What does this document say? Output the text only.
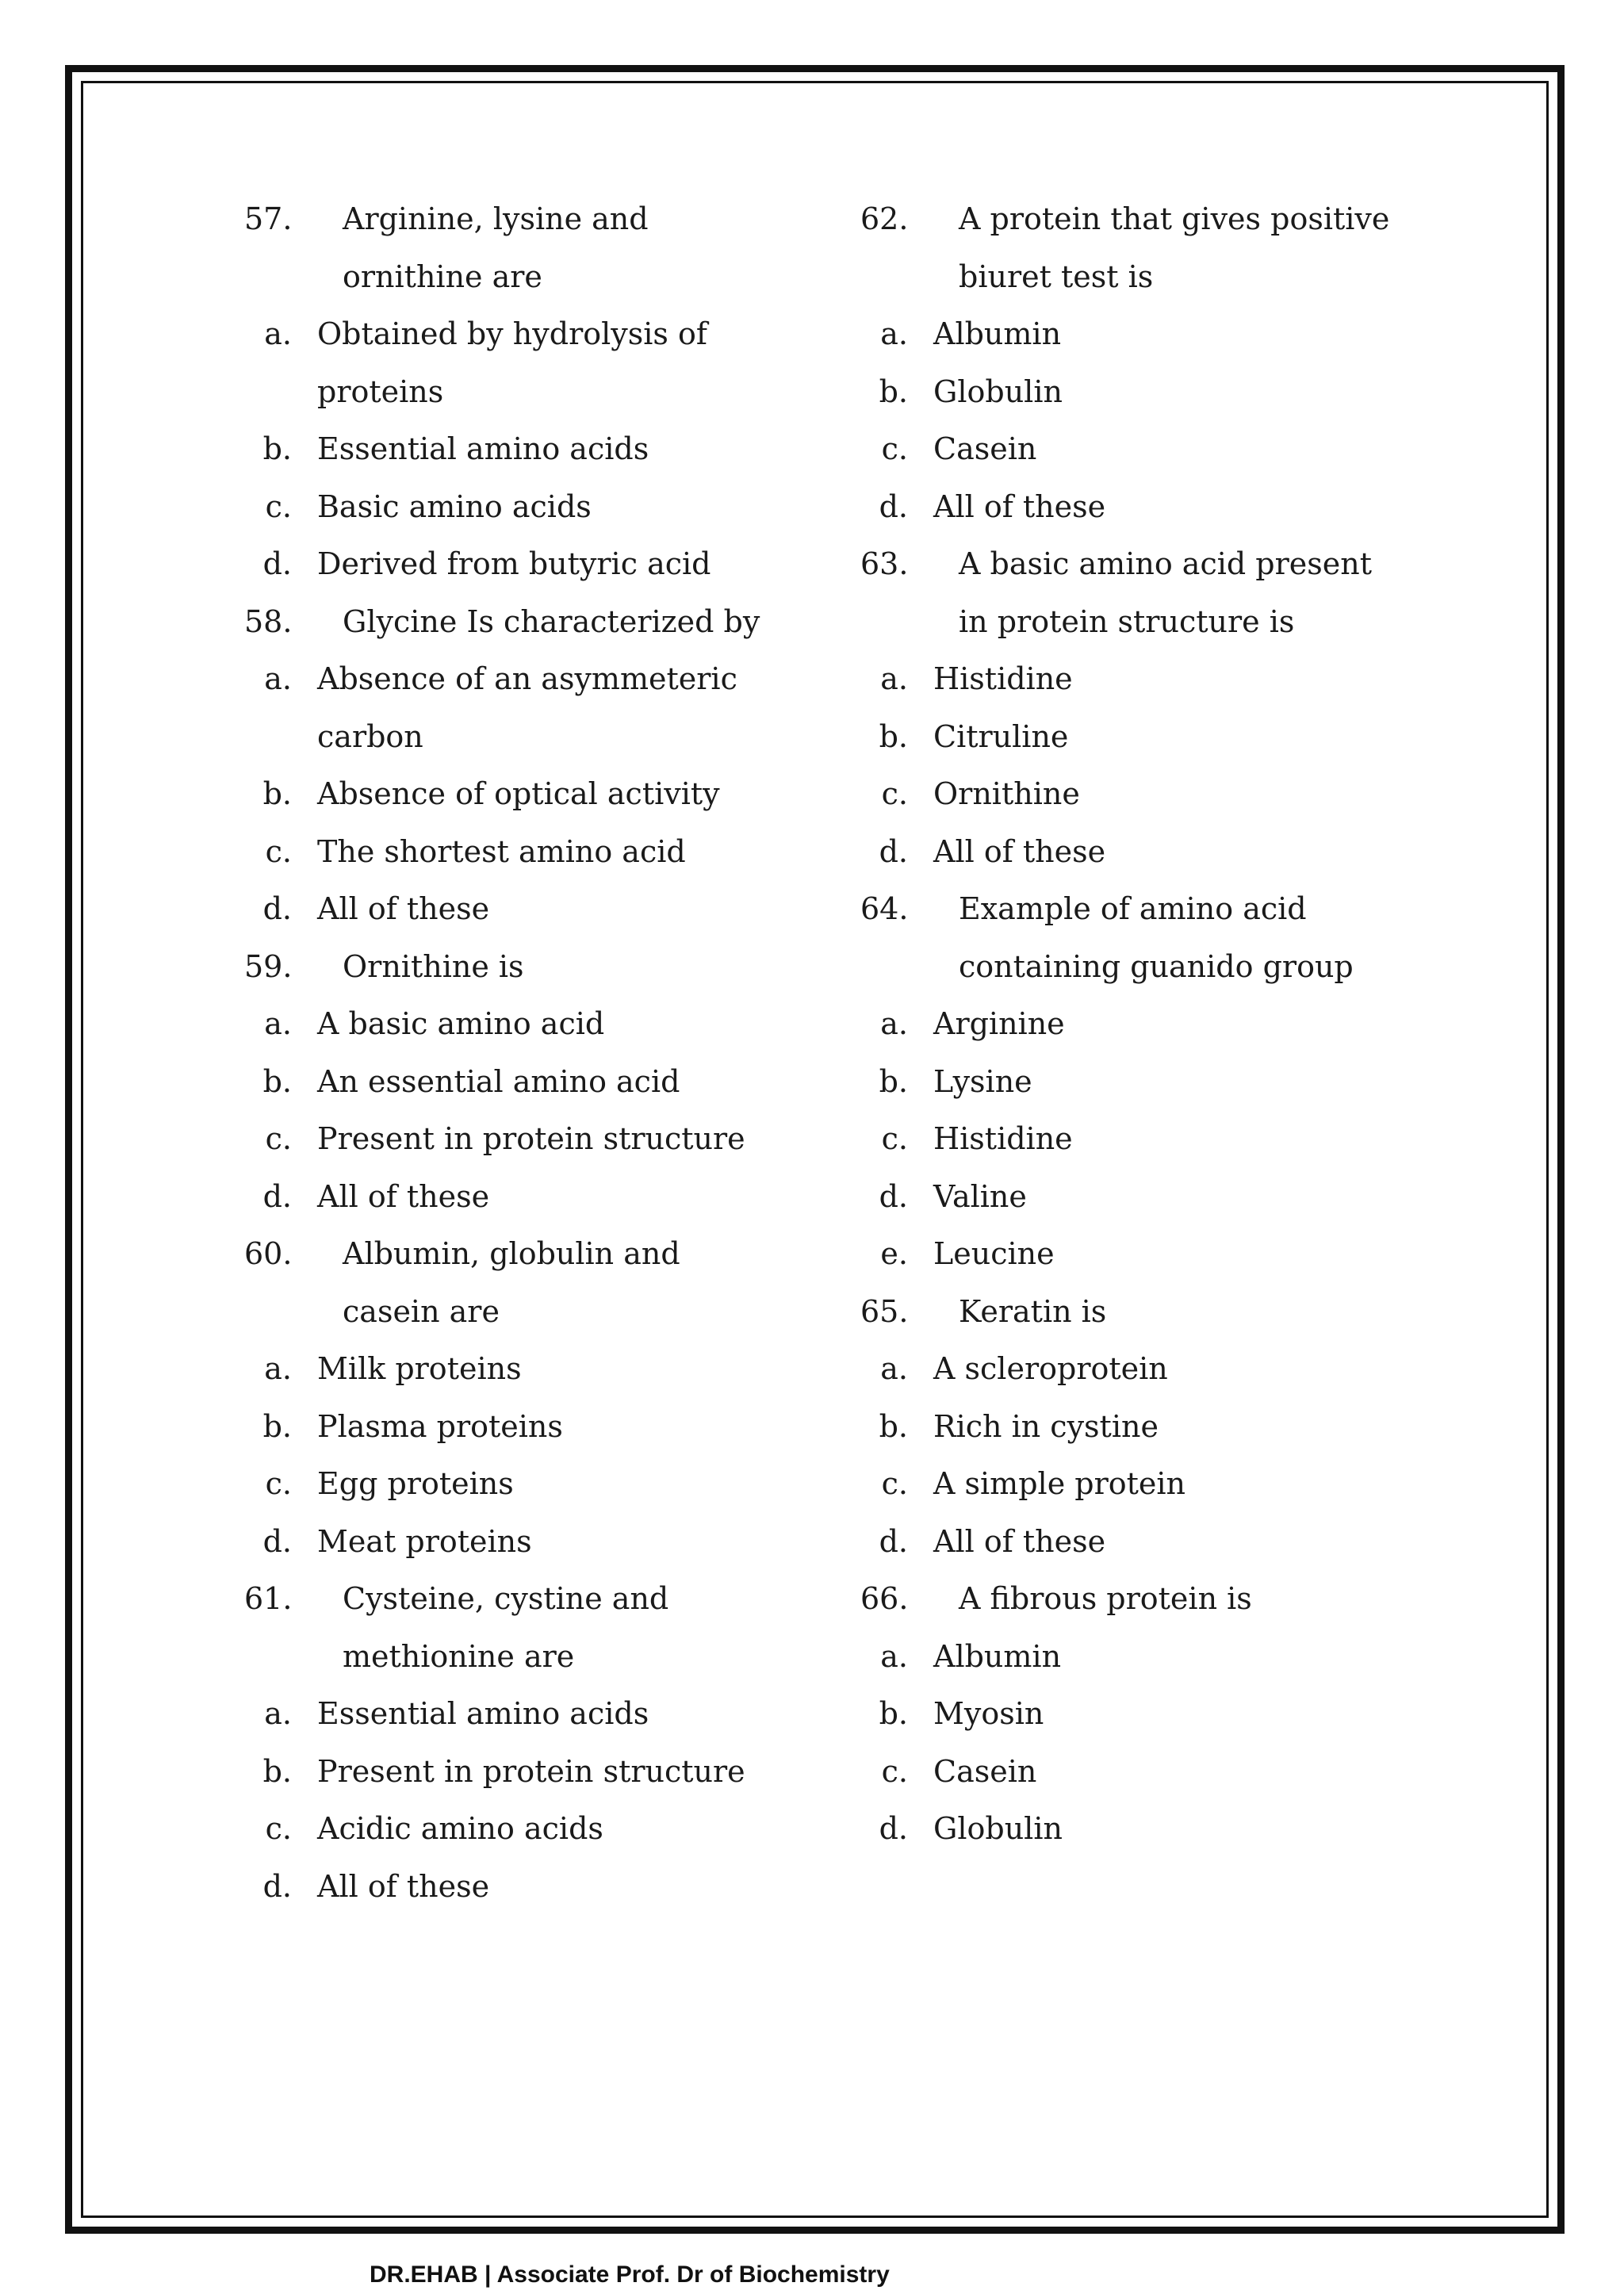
57.	Arginine, lysine and ornithine are
a. Obtained by hydrolysis of proteins
b. Essential amino acids
c. Basic amino acids
d. Derived from butyric acid
58.	Glycine Is characterized by
a. Absence of an asymmeteric carbon
b. Absence of optical activity
c. The shortest amino acid
d. All of these
59.	Ornithine is
a. A basic amino acid
b. An essential amino acid
c. Present in protein structure
d. All of these
60.	Albumin, globulin and casein are
a. Milk proteins
b. Plasma proteins
c. Egg proteins
d. Meat proteins
61.	Cysteine, cystine and methionine are
a. Essential amino acids
b. Present in protein structure
c. Acidic amino acids
d. All of these
62.	A protein that gives positive biuret test is
a. Albumin
b. Globulin
c. Casein
d. All of these
63.	A basic amino acid present in protein structure is
a. Histidine
b. Citruline
c. Ornithine
d. All of these
64.	Example of amino acid containing guanido group
a. Arginine
b. Lysine
c. Histidine
d. Valine
e. Leucine
65.	Keratin is
a. A scleroprotein
b. Rich in cystine
c. A simple protein
d. All of these
66.	A fibrous protein is
a. Albumin
b. Myosin
c. Casein
d. Globulin
DR.EHAB | Associate Prof. Dr of Biochemistry
